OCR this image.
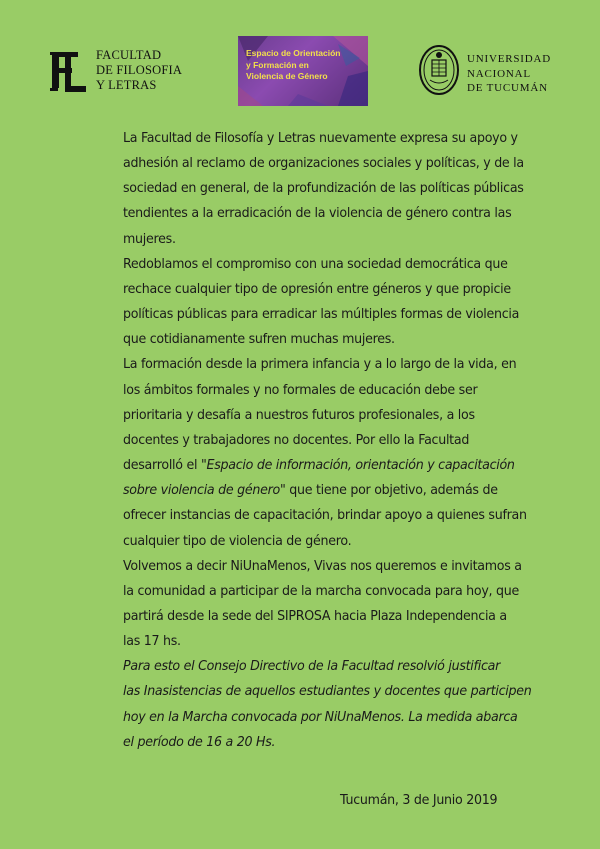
FACULTAD
DE FILOSOFIA
Y LETRAS
Espacio de Orientación
y Formación en
Violencia de Género
UNIVERSIDAD
NACIONAL
DE TUCUMÁN
La Facultad de Filosofía y Letras nuevamente expresa su apoyo y
adhesión al reclamo de organizaciones sociales y políticas, y de la
sociedad en general, de la profundización de las políticas públicas
tendientes a la erradicación de la violencia de género contra las
mujeres.
Redoblamos el compromiso con una sociedad democrática que
rechace cualquier tipo de opresión entre géneros y que propicie
políticas públicas para erradicar las múltiples formas de violencia
que cotidianamente sufren muchas mujeres.
La formación desde la primera infancia y a lo largo de la vida, en
los ámbitos formales y no formales de educación debe ser
prioritaria y desafía a nuestros futuros profesionales, a los
docentes y trabajadores no docentes. Por ello la Facultad
desarrolló el "Espacio de información, orientación y capacitación
sobre violencia de género" que tiene por objetivo, además de
ofrecer instancias de capacitación, brindar apoyo a quienes sufran
cualquier tipo de violencia de género.
Volvemos a decir NiUnaMenos, Vivas nos queremos e invitamos a
la comunidad a participar de la marcha convocada para hoy, que
partirá desde la sede del SIPROSA hacia Plaza Independencia a
las 17 hs.
Para esto el Consejo Directivo de la Facultad resolvió justificar
las Inasistencias de aquellos estudiantes y docentes que participen
hoy en la Marcha convocada por NiUnaMenos. La medida abarca
el período de 16 a 20 Hs.
Tucumán, 3 de Junio 2019
